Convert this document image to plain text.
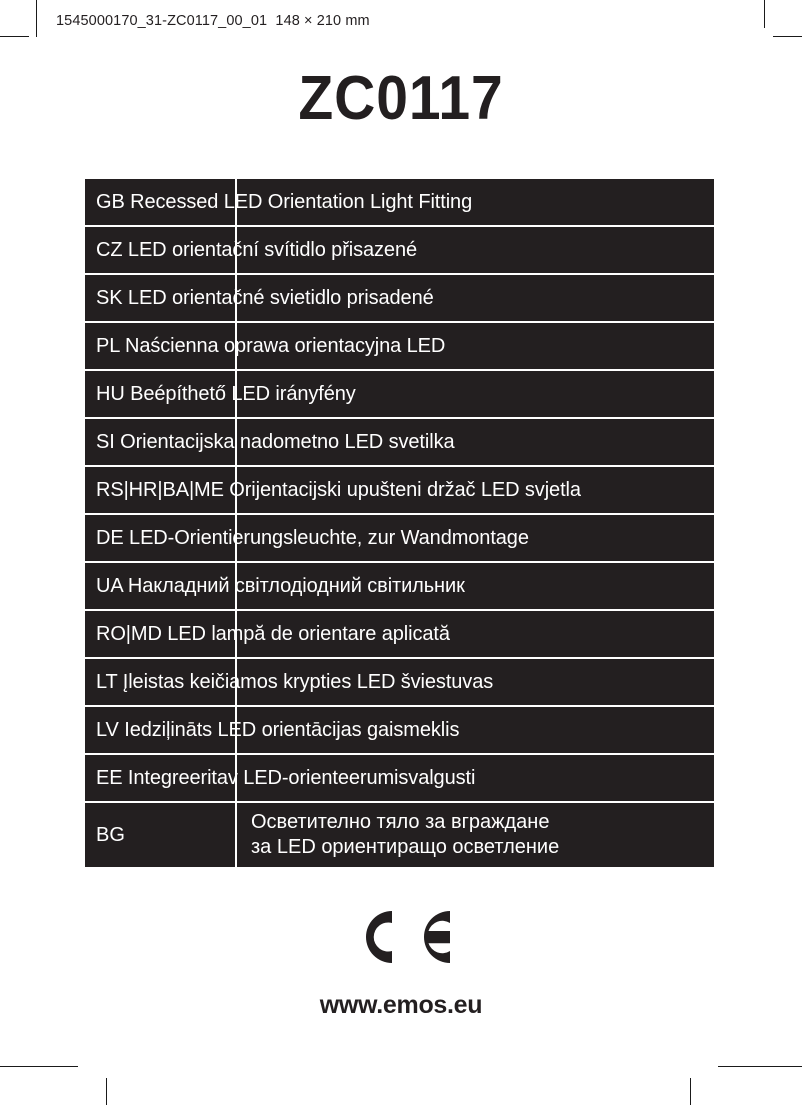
1545000170_31-ZC0117_00_01  148 × 210 mm
ZC0117
GB Recessed LED Orientation Light Fitting
CZ LED orientační svítidlo přisazené
SK LED orientačné svietidlo prisadené
PL Naścienna oprawa orientacyjna LED
HU Beépíthető LED irányfény
SI Orientacijska nadometno LED svetilka
RS|HR|BA|ME Orijentacijski upušteni držač LED svjetla
DE LED-Orientierungsleuchte, zur Wandmontage
UA Накладний світлодіодний світильник
RO|MD LED lampă de orientare aplicată
LT Įleistas keičiamos krypties LED šviestuvas
LV Iedziļināts LED orientācijas gaismeklis
EE Integreeritav LED-orienteerumisvalgusti
BG
Осветително тяло за вграждане
за LED ориентиращо осветление
www.emos.eu
